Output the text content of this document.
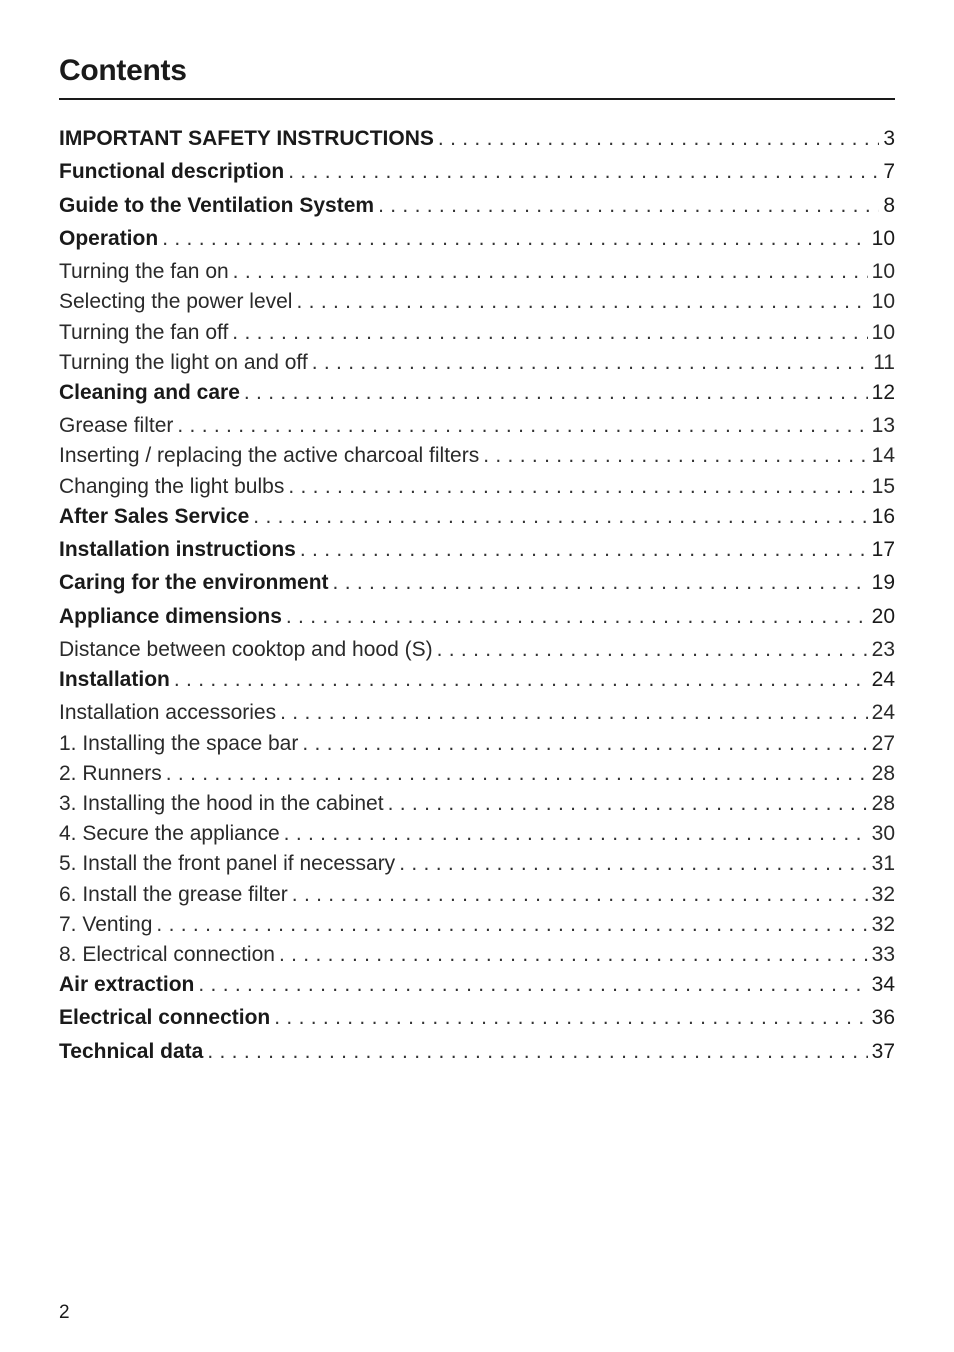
Contents
IMPORTANT SAFETY INSTRUCTIONS . . .	3
Functional description . . .	7
Guide to the Ventilation System . . .	8
Operation . . .	10
Turning the fan on . . .	10
Selecting the power level . . .	10
Turning the fan off . . .	10
Turning the light on and off . . .	11
Cleaning and care . . .	12
Grease filter . . .	13
Inserting / replacing the active charcoal filters . . .	14
Changing the light bulbs . . .	15
After Sales Service . . .	16
Installation instructions . . .	17
Caring for the environment . . .	19
Appliance dimensions . . .	20
Distance between cooktop and hood (S) . . .	23
Installation . . .	24
Installation accessories . . .	24
1. Installing the space bar . . .	27
2. Runners . . .	28
3. Installing the hood in the cabinet . . .	28
4. Secure the appliance . . .	30
5. Install the front panel if necessary . . .	31
6. Install the grease filter . . .	32
7. Venting . . .	32
8. Electrical connection . . .	33
Air extraction . . .	34
Electrical connection . . .	36
Technical data . . .	37
2
